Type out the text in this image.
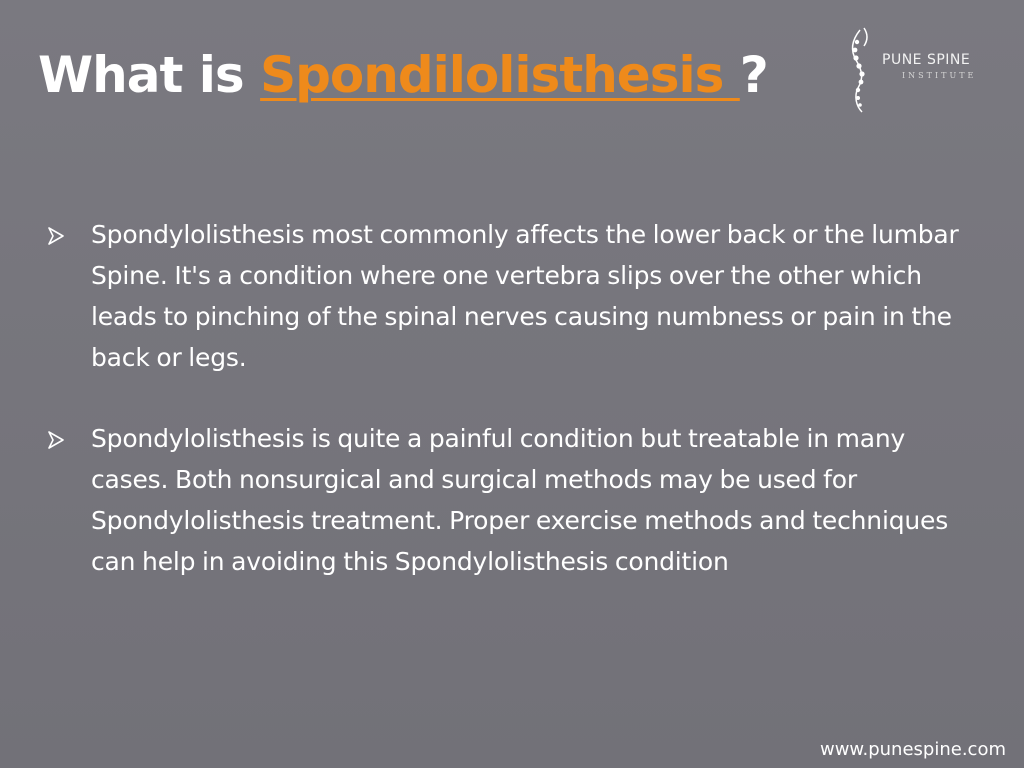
What is Spondilolisthesis ?	PUNE SPINE
INSTITUTE
Spondylolisthesis most commonly affects the lower back or the lumbar Spine. It's a condition where one vertebra slips over the other which leads to pinching of the spinal nerves causing numbness or pain in the back or legs.
Spondylolisthesis is quite a painful condition but treatable in many cases. Both nonsurgical and surgical methods may be used for Spondylolisthesis treatment. Proper exercise methods and techniques can help in avoiding this Spondylolisthesis condition
www.punespine.com
